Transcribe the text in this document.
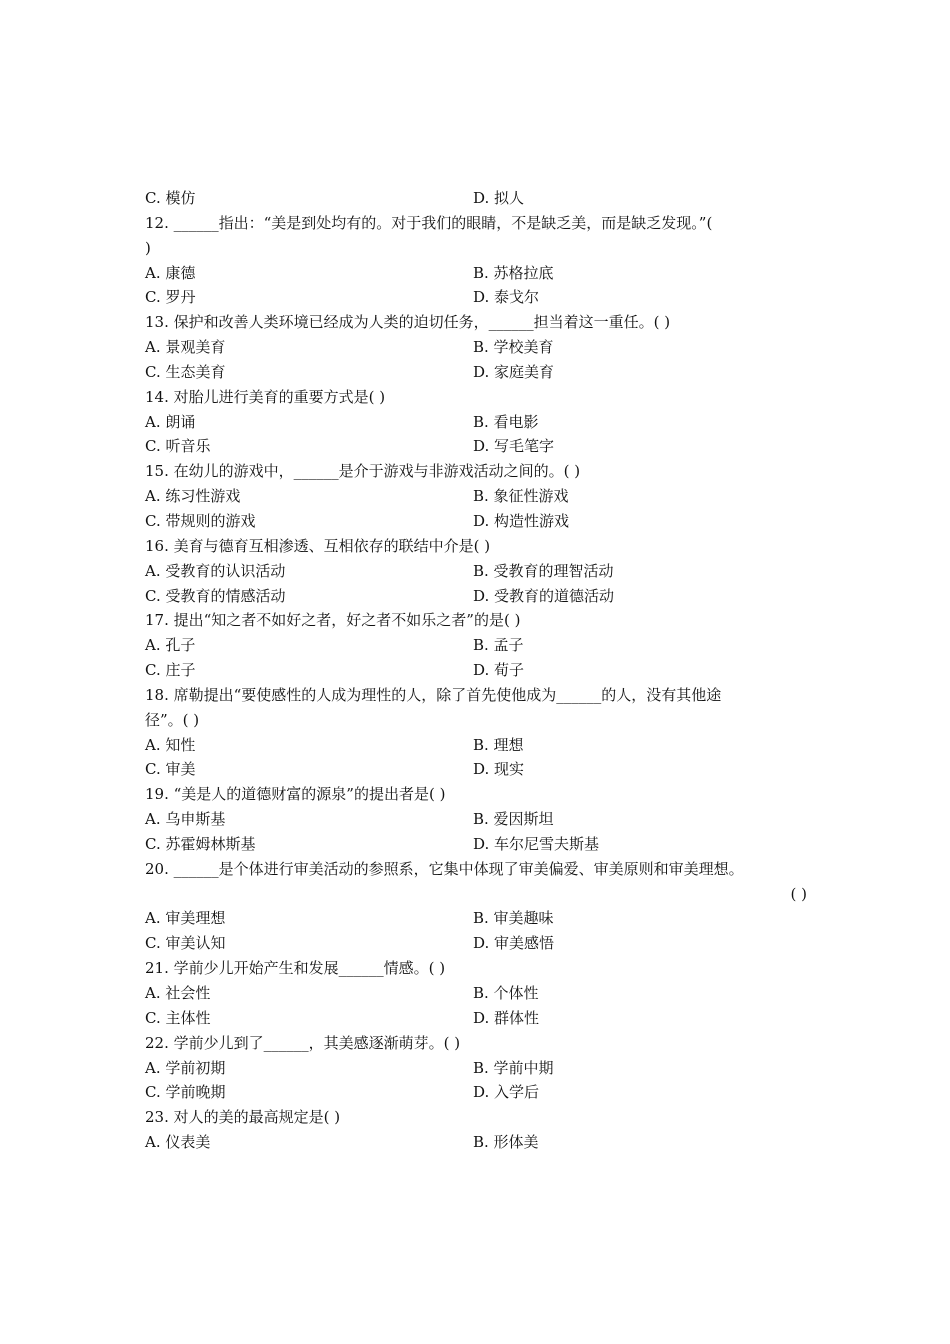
C. 模仿	D. 拟人
12. ______指出：“美是到处均有的。对于我们的眼睛，不是缺乏美，而是缺乏发现。”(
)
A. 康德	B. 苏格拉底
C. 罗丹	D. 泰戈尔
13. 保护和改善人类环境已经成为人类的迫切任务，______担当着这一重任。( )
A. 景观美育	B. 学校美育
C. 生态美育	D. 家庭美育
14. 对胎儿进行美育的重要方式是( )
A. 朗诵	B. 看电影
C. 听音乐	D. 写毛笔字
15. 在幼儿的游戏中，______是介于游戏与非游戏活动之间的。( )
A. 练习性游戏	B. 象征性游戏
C. 带规则的游戏	D. 构造性游戏
16. 美育与德育互相渗透、互相依存的联结中介是( )
A. 受教育的认识活动	B. 受教育的理智活动
C. 受教育的情感活动	D. 受教育的道德活动
17. 提出“知之者不如好之者，好之者不如乐之者”的是( )
A. 孔子	B. 孟子
C. 庄子	D. 荀子
18. 席勒提出“要使感性的人成为理性的人，除了首先使他成为______的人，没有其他途
径”。( )
A. 知性	B. 理想
C. 审美	D. 现实
19. “美是人的道德财富的源泉”的提出者是( )
A. 乌申斯基	B. 爱因斯坦
C. 苏霍姆林斯基	D. 车尔尼雪夫斯基
20. ______是个体进行审美活动的参照系，它集中体现了审美偏爱、审美原则和审美理想。
( )
A. 审美理想	B. 审美趣味
C. 审美认知	D. 审美感悟
21. 学前少儿开始产生和发展______情感。( )
A. 社会性	B. 个体性
C. 主体性	D. 群体性
22. 学前少儿到了______，其美感逐渐萌芽。( )
A. 学前初期	B. 学前中期
C. 学前晚期	D. 入学后
23. 对人的美的最高规定是( )
A. 仪表美	B. 形体美
